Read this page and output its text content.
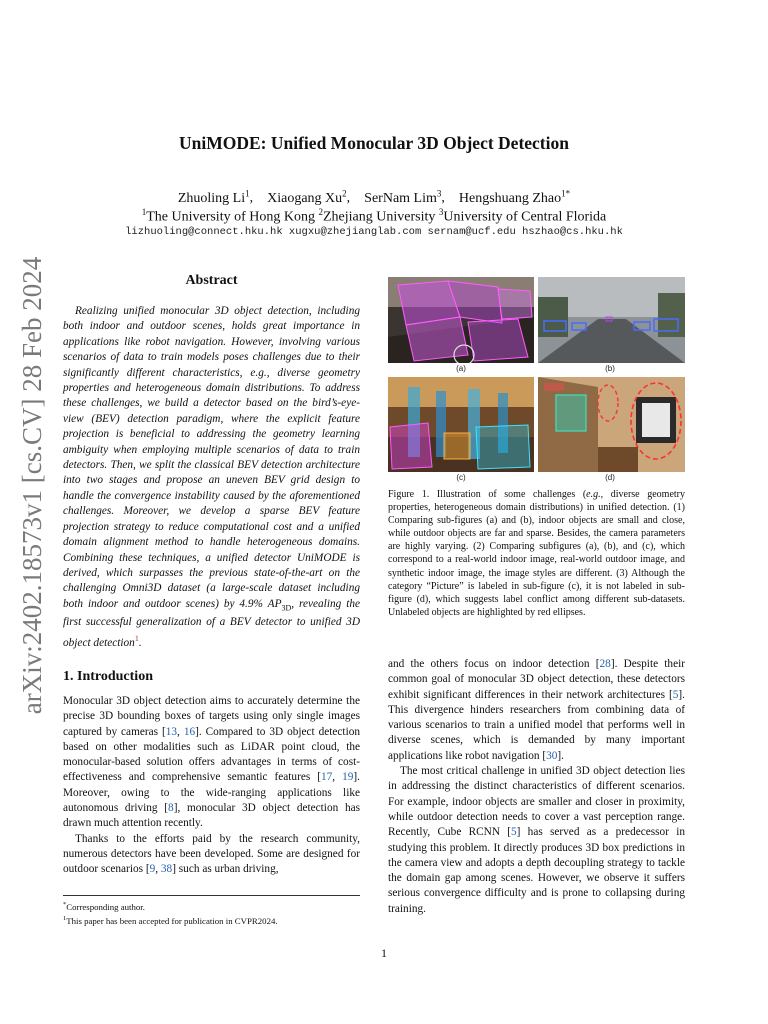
arXiv:2402.18573v1 [cs.CV] 28 Feb 2024
UniMODE: Unified Monocular 3D Object Detection
Zhuoling Li$^1$, Xiaogang Xu$^2$, SerNam Lim$^3$, Hengshuang Zhao$^{1*}$
$^1$The University of Hong Kong $^2$Zhejiang University $^3$University of Central Florida
lizhuoling@connect.hku.hk xugxu@zhejianglab.com sernam@ucf.edu hszhao@cs.hku.hk
Abstract

Realizing unified monocular 3D object detection, including both indoor and outdoor scenes, holds great importance in applications like robot navigation. However, involving various scenarios of data to train models poses challenges due to their significantly different characteristics, e.g., diverse geometry properties and heterogeneous domain distributions. To address these challenges, we build a detector based on the bird’s-eye-view (BEV) detection paradigm, where the explicit feature projection is beneficial to addressing the geometry learning ambiguity when employing multiple scenarios of data to train detectors. Then, we split the classical BEV detection architecture into two stages and propose an uneven BEV grid design to handle the convergence instability caused by the aforementioned challenges. Moreover, we develop a sparse BEV feature projection strategy to reduce computational cost and a unified domain alignment method to handle heterogeneous domains. Combining these techniques, a unified detector UniMODE is derived, which surpasses the previous state-of-the-art on the challenging Omni3D dataset (a large-scale dataset including both indoor and outdoor scenes) by 4.9% $AP_{3D}$, revealing the first successful generalization of a BEV detector to unified 3D object detection$^1$.

1. Introduction

Monocular 3D object detection aims to accurately determine the precise 3D bounding boxes of targets using only single images captured by cameras [13, 16]. Compared to 3D object detection based on other modalities such as LiDAR point cloud, the monocular-based solution offers advantages in terms of cost-effectiveness and comprehensive semantic features [17, 19]. Moreover, owing to the wide-ranging applications like autonomous driving [8], monocular 3D object detection has drawn much attention recently.

Thanks to the efforts paid by the research community, numerous detectors have been developed. Some are designed for outdoor scenarios [9, 38] such as urban driving,

*Corresponding author.
$^1$This paper has been accepted for publication in CVPR2024.
(a)	(b)
(c)	(d)
Figure 1. Illustration of some challenges (e.g., diverse geometry properties, heterogeneous domain distributions) in unified detection. (1) Comparing sub-figures (a) and (b), indoor objects are small and close, while outdoor objects are far and sparse. Besides, the camera parameters are highly varying. (2) Comparing subfigures (a), (b), and (c), which correspond to a real-world indoor image, real-world outdoor image, and synthetic indoor image, the image styles are different. (3) Although the category “Picture” is labeled in sub-figure (c), it is not labeled in sub-figure (d), which suggests label conflict among different sub-datasets. Unlabeled objects are highlighted by red ellipses.

and the others focus on indoor detection [28]. Despite their common goal of monocular 3D object detection, these detectors exhibit significant differences in their network architectures [5]. This divergence hinders researchers from combining data of various scenarios to train a unified model that performs well in diverse scenes, which is demanded by many important applications like robot navigation [30].

The most critical challenge in unified 3D object detection lies in addressing the distinct characteristics of different scenarios. For example, indoor objects are smaller and closer in proximity, while outdoor detection needs to cover a vast perception range. Recently, Cube RCNN [5] has served as a predecessor in studying this problem. It directly produces 3D box predictions in the camera view and adopts a depth decoupling strategy to tackle the domain gap among scenes. However, we observe it suffers serious convergence difficulty and is prone to collapsing during training.

1
